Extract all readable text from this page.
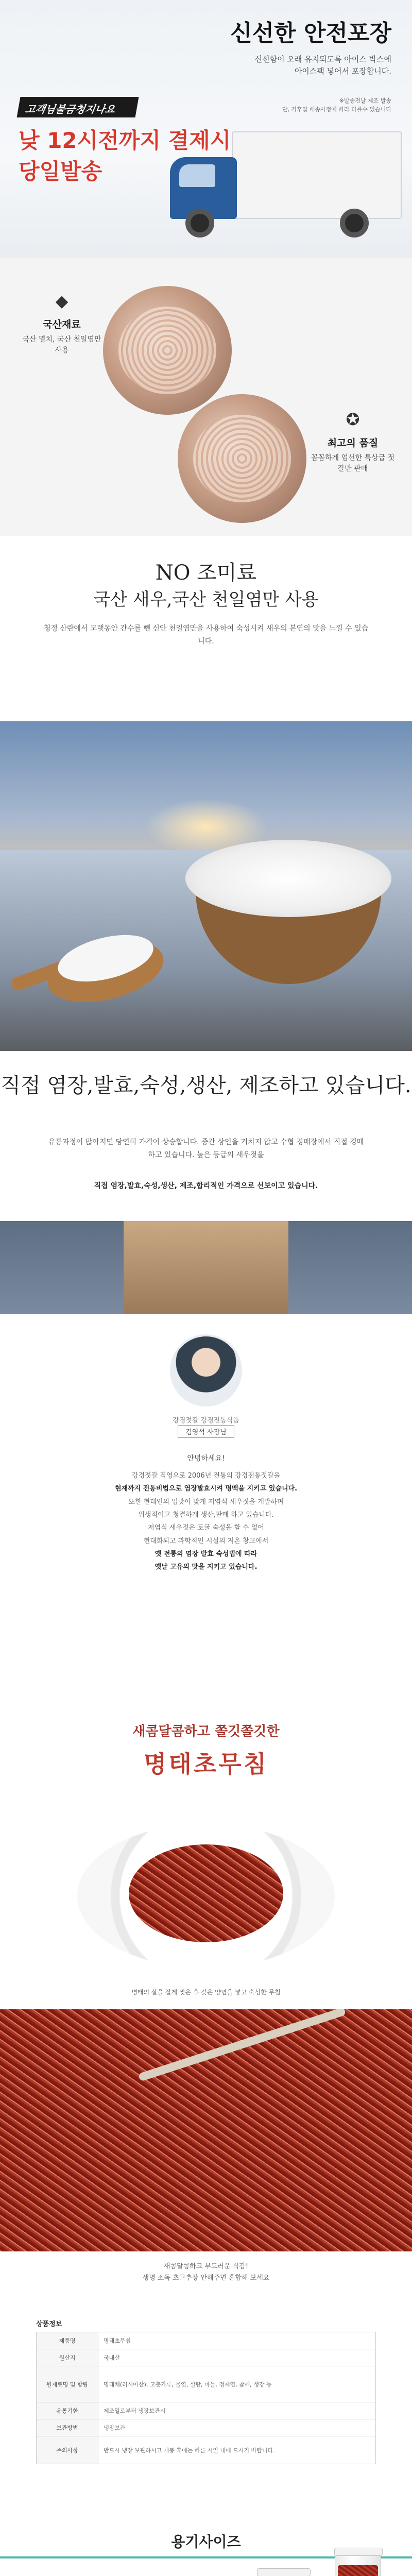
신선한 안전포장
신선함이 오래 유지되도록 아이스 박스에 아이스팩 넣어서 포장합니다.
※발송전날 제조 발송
단, 기후및 배송사정에 따라 다를수 있습니다
고객님불금청지나요
낮 12시전까지 결제시
당일발송
◆
국산재료
국산 멸치, 국산 천일염만 사용
✪
최고의 품질
꼼꼼하게 엄선한 특상급 젓갈만 판매
NO 조미료
국산 새우,국산 천일염만 사용
청정 산란에서 모랫동안 간수를 뺀 신안 천일염만을 사용하여 숙성시켜 새우의 본연의 맛을 느낄 수 있습니다.
직접 염장,발효,숙성,생산, 제조하고 있습니다.
유통과정이 많아지면 당연히 가격이 상승합니다. 중간 상인을 거치지 않고 수협 경매장에서 직접 경매하고 있습니다. 높은 등급의 새우젓을
직접 염장,발효,숙성,생산, 제조,합리적인 가격으로 선보이고 있습니다.
강경젓갈 강경전통식품
김영석 사장님
안녕하세요!
강경젓갈 직영으로 2006년 전통의 강경전통젓갈을
현재까지 전통비법으로 염장발효시켜 명맥을 지키고 있습니다.
또한 현대인의 입맛이 맞게 저염식 새우젓을 개발하며
위생적이고 청결하게 생산,판매 하고 있습니다.
저염식 새우젓은 토굴 숙성을 할 수 없어
현대화되고 과학적인 시설의 저온 창고에서
옛 전통의 염장 발효 숙성법에 따라
옛날 고유의 맛을 지키고 있습니다.
새콤달콤하고 쫄깃쫄깃한
명태초무침

명태의 살을 잘게 찢은 후 갖은 양념을 넣고 숙성한 무침

새콤달콤하고 부드러운 식감!
생명 소독 초고추장 안해주면 혼합해 보세요
상품정보
제품명	명태초무침
원산지	국내산
원재료명 및 함량	명태채(러시아산), 고춧가루, 물엿, 설탕, 마늘, 정제염, 참깨, 생강 등
유통기한	제조일로부터 냉장보관시
보관방법	냉장보관
주의사항	반드시 냉장 보관하시고 개봉 후에는 빠른 시일 내에 드시기 바랍니다.
용기사이즈
